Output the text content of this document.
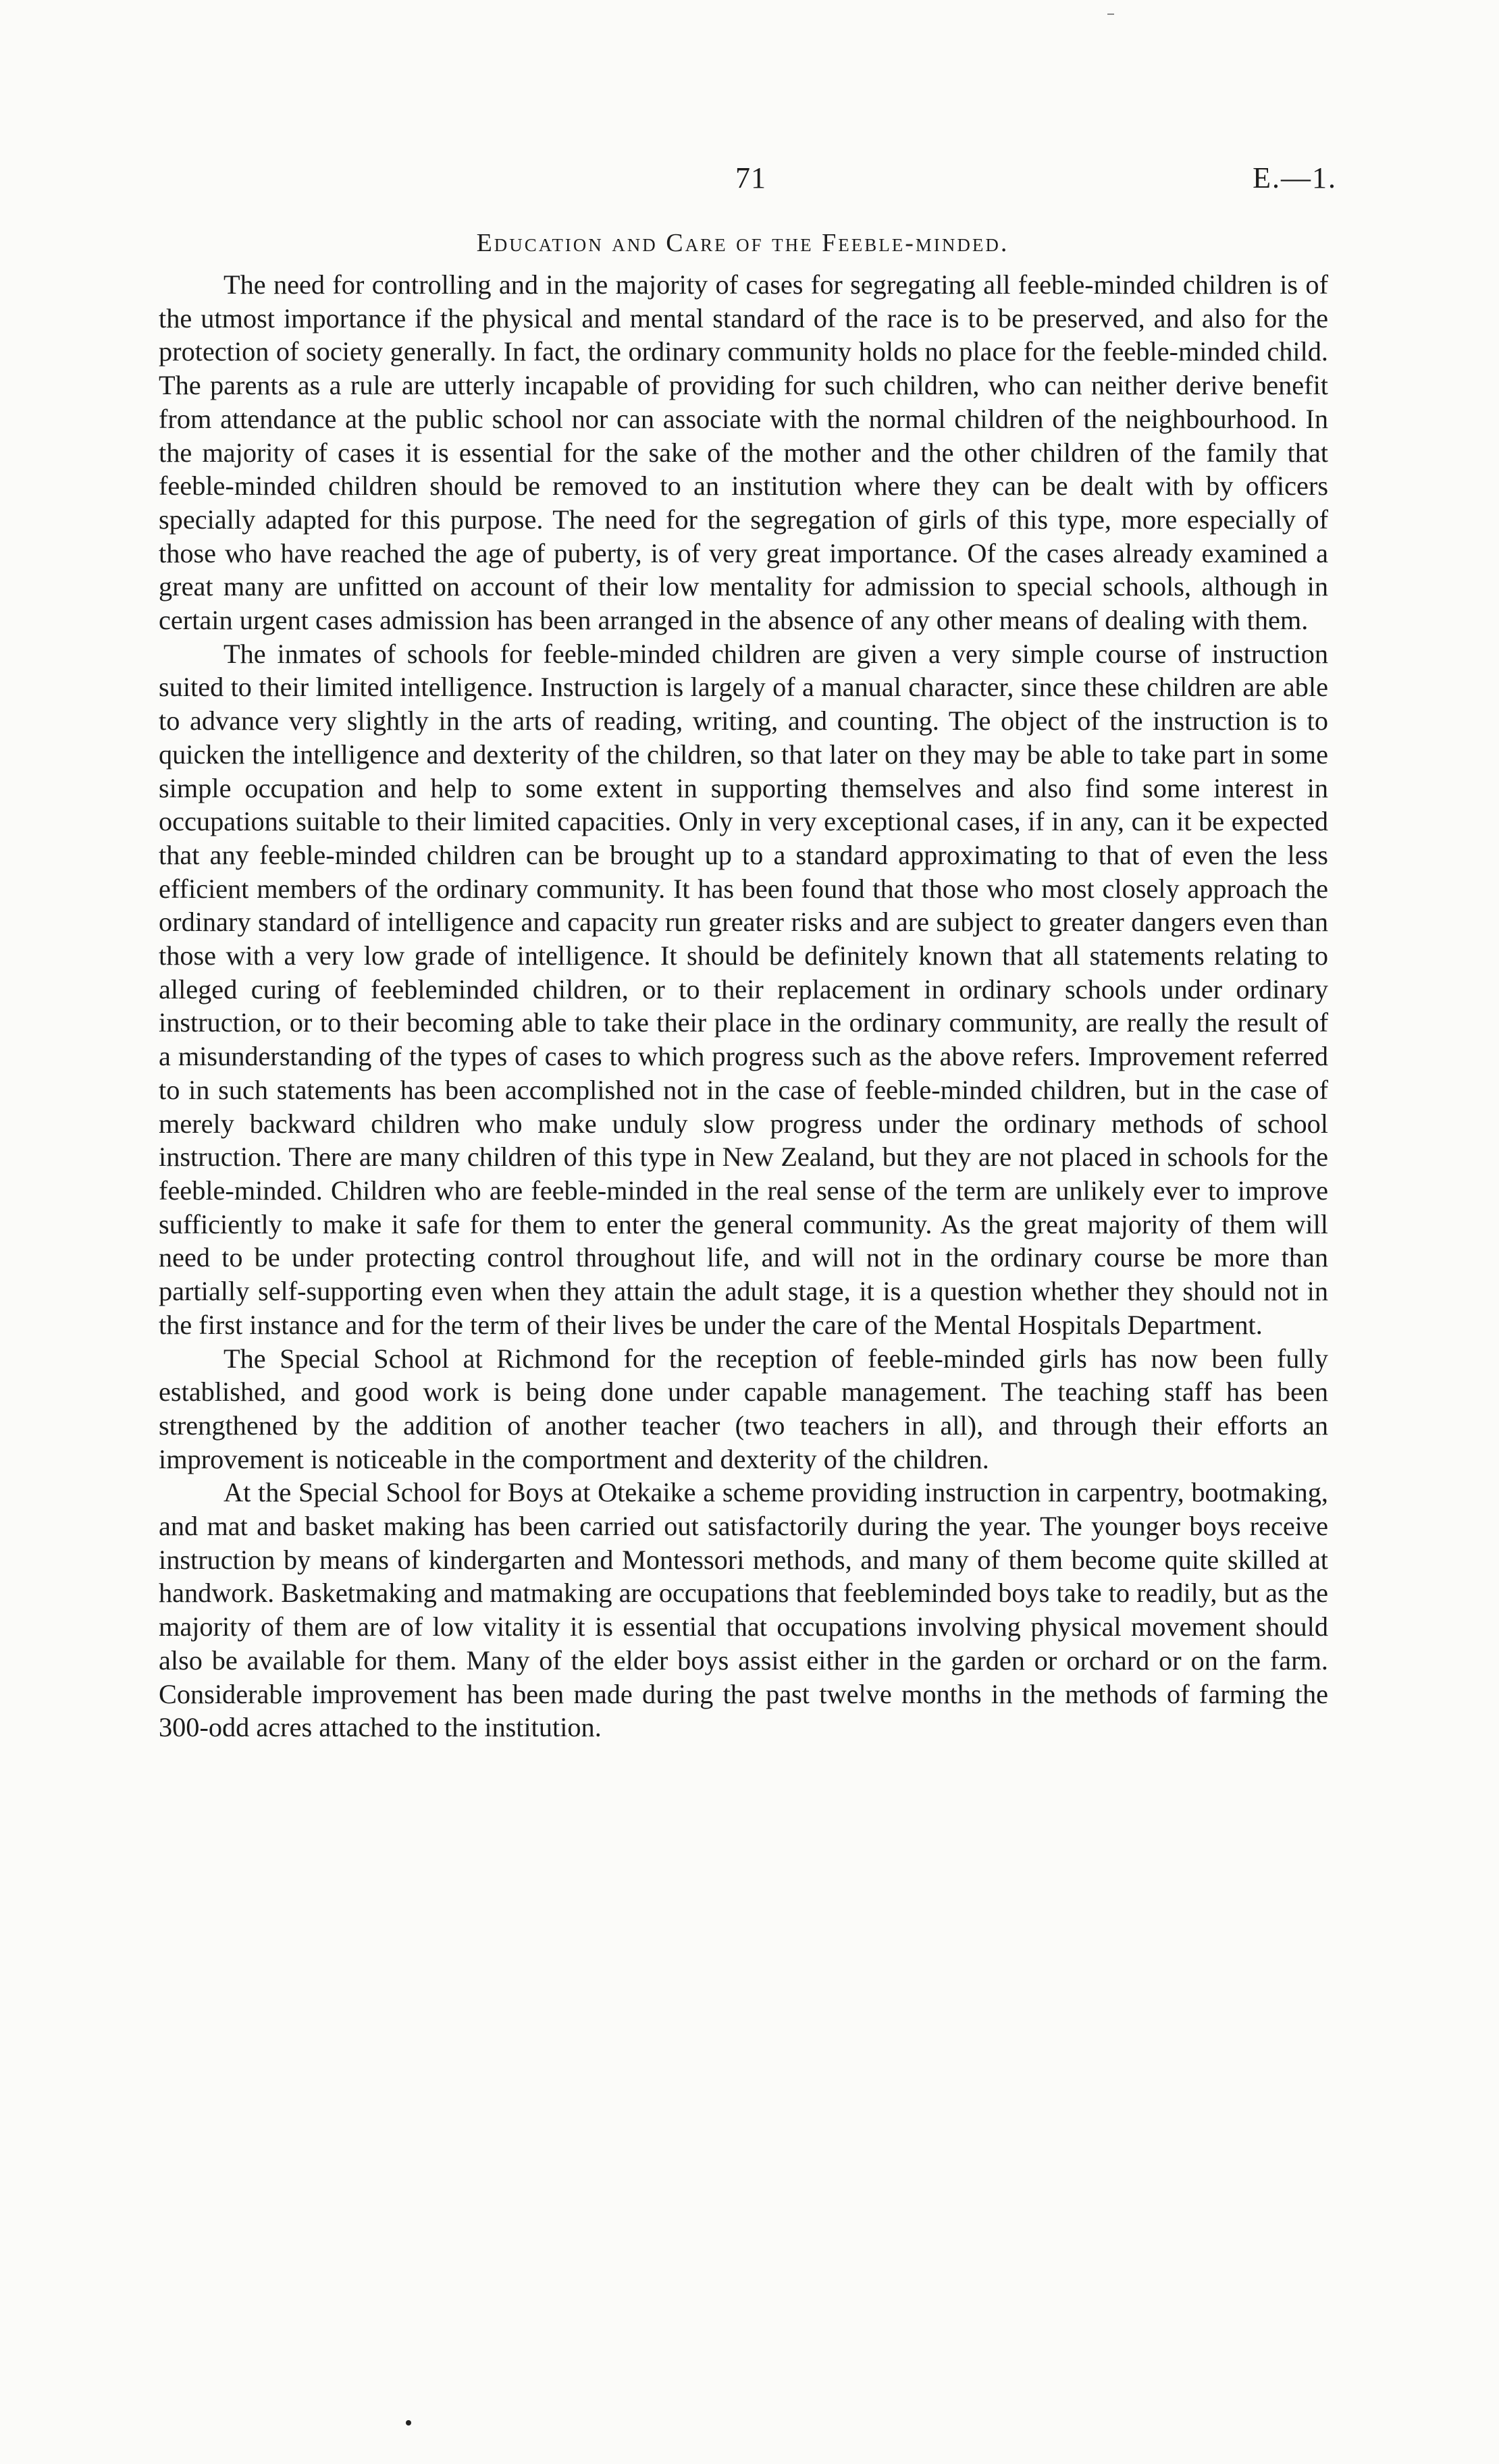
71	E.—1.
Education and Care of the Feeble-minded.

The need for controlling and in the majority of cases for segregating all feeble-minded children is of the utmost importance if the physical and mental standard of the race is to be preserved, and also for the protection of society generally. In fact, the ordinary community holds no place for the feeble-minded child. The parents as a rule are utterly incapable of providing for such children, who can neither derive benefit from attendance at the public school nor can associate with the normal children of the neighbourhood. In the majority of cases it is essential for the sake of the mother and the other children of the family that feeble-minded children should be removed to an institution where they can be dealt with by officers specially adapted for this purpose. The need for the segregation of girls of this type, more especially of those who have reached the age of puberty, is of very great importance. Of the cases already examined a great many are unfitted on account of their low mentality for admission to special schools, although in certain urgent cases admission has been arranged in the absence of any other means of dealing with them.

The inmates of schools for feeble-minded children are given a very simple course of instruction suited to their limited intelligence. Instruction is largely of a manual character, since these children are able to advance very slightly in the arts of reading, writing, and counting. The object of the instruction is to quicken the intelligence and dexterity of the children, so that later on they may be able to take part in some simple occupation and help to some extent in supporting themselves and also find some interest in occupations suitable to their limited capacities. Only in very exceptional cases, if in any, can it be expected that any feeble-minded children can be brought up to a standard approximating to that of even the less efficient members of the ordinary community. It has been found that those who most closely approach the ordinary standard of intelligence and capacity run greater risks and are subject to greater dangers even than those with a very low grade of intelligence. It should be definitely known that all statements relating to alleged curing of feebleminded children, or to their replacement in ordinary schools under ordinary instruction, or to their becoming able to take their place in the ordinary community, are really the result of a misunderstanding of the types of cases to which progress such as the above refers. Improvement referred to in such statements has been accomplished not in the case of feeble-minded children, but in the case of merely backward children who make unduly slow progress under the ordinary methods of school instruction. There are many children of this type in New Zealand, but they are not placed in schools for the feeble-minded. Children who are feeble-minded in the real sense of the term are unlikely ever to improve sufficiently to make it safe for them to enter the general community. As the great majority of them will need to be under protecting control throughout life, and will not in the ordinary course be more than partially self-supporting even when they attain the adult stage, it is a question whether they should not in the first instance and for the term of their lives be under the care of the Mental Hospitals Department.

The Special School at Richmond for the reception of feeble-minded girls has now been fully established, and good work is being done under capable management. The teaching staff has been strengthened by the addition of another teacher (two teachers in all), and through their efforts an improvement is noticeable in the comportment and dexterity of the children.

At the Special School for Boys at Otekaike a scheme providing instruction in carpentry, bootmaking, and mat and basket making has been carried out satisfactorily during the year. The younger boys receive instruction by means of kindergarten and Montessori methods, and many of them become quite skilled at handwork. Basketmaking and matmaking are occupations that feebleminded boys take to readily, but as the majority of them are of low vitality it is essential that occupations involving physical movement should also be available for them. Many of the elder boys assist either in the garden or orchard or on the farm. Considerable improvement has been made during the past twelve months in the methods of farming the 300-odd acres attached to the institution.
